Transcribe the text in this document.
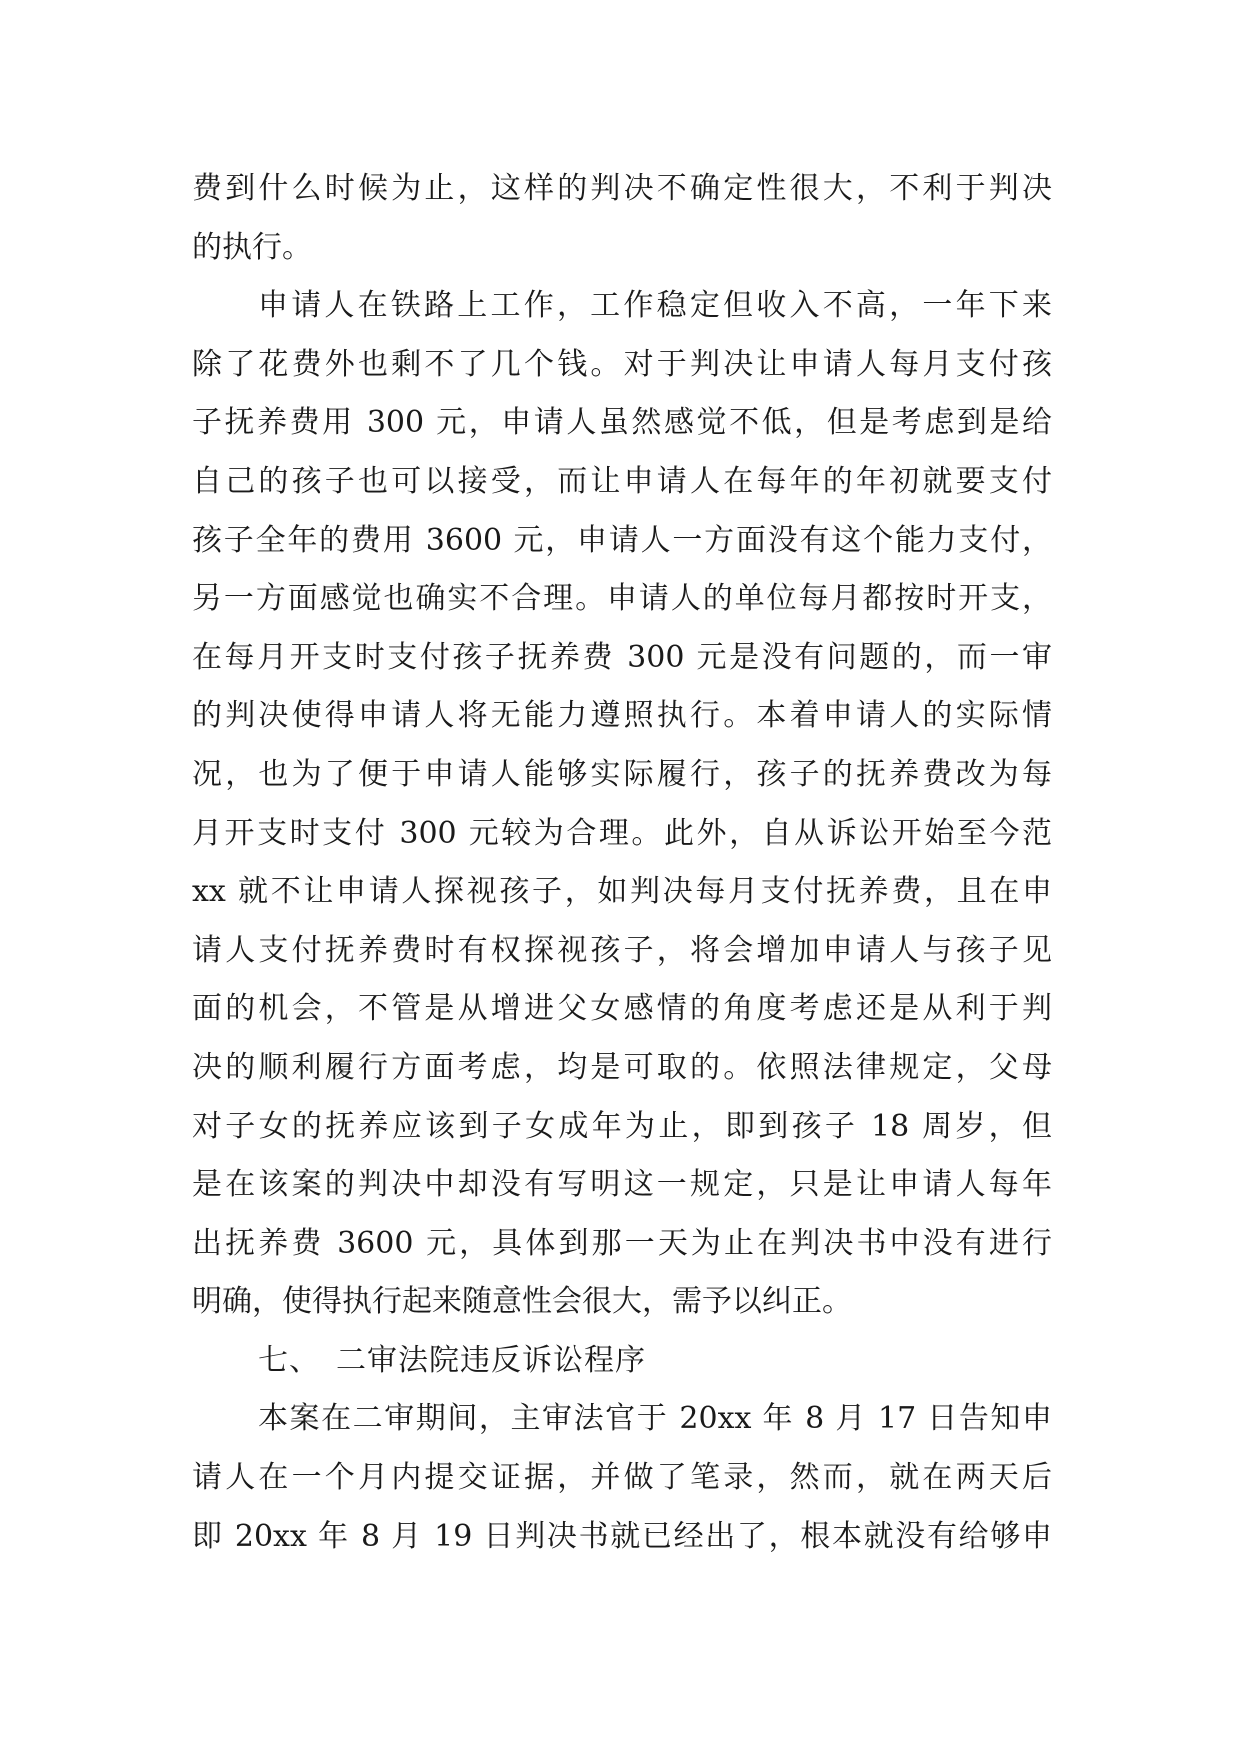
费到什么时候为止，这样的判决不确定性很大，不利于判决
的执行。
申请人在铁路上工作，工作稳定但收入不高，一年下来
除了花费外也剩不了几个钱。对于判决让申请人每月支付孩
子抚养费用 300 元，申请人虽然感觉不低，但是考虑到是给
自己的孩子也可以接受，而让申请人在每年的年初就要支付
孩子全年的费用 3600 元，申请人一方面没有这个能力支付，
另一方面感觉也确实不合理。申请人的单位每月都按时开支，
在每月开支时支付孩子抚养费 300 元是没有问题的，而一审
的判决使得申请人将无能力遵照执行。本着申请人的实际情
况，也为了便于申请人能够实际履行，孩子的抚养费改为每
月开支时支付 300 元较为合理。此外，自从诉讼开始至今范
xx 就不让申请人探视孩子，如判决每月支付抚养费，且在申
请人支付抚养费时有权探视孩子，将会增加申请人与孩子见
面的机会，不管是从增进父女感情的角度考虑还是从利于判
决的顺利履行方面考虑，均是可取的。依照法律规定，父母
对子女的抚养应该到子女成年为止，即到孩子 18 周岁，但
是在该案的判决中却没有写明这一规定，只是让申请人每年
出抚养费 3600 元，具体到那一天为止在判决书中没有进行
明确，使得执行起来随意性会很大，需予以纠正。
七、　二审法院违反诉讼程序
本案在二审期间，主审法官于 20xx 年 8 月 17 日告知申
请人在一个月内提交证据，并做了笔录，然而，就在两天后
即 20xx 年 8 月 19 日判决书就已经出了，根本就没有给够申
